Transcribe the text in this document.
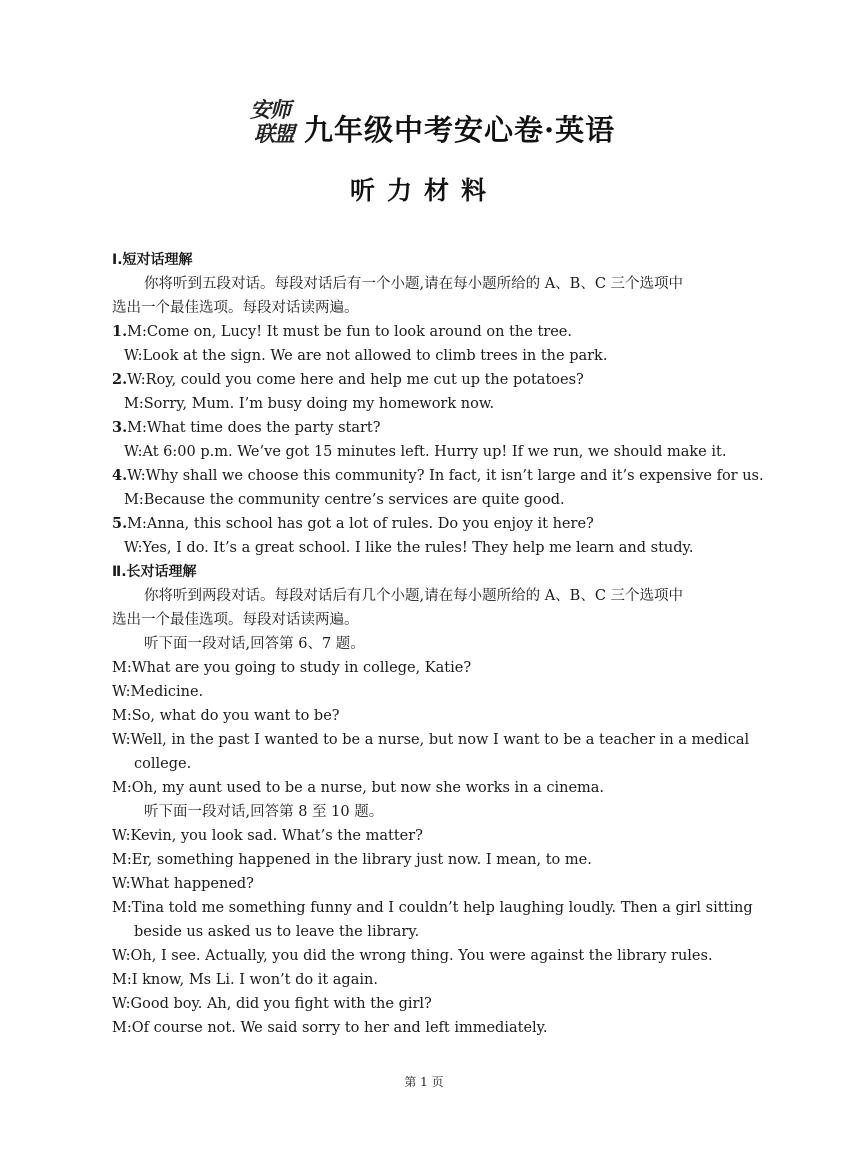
安师
联盟 九年级中考安心卷·英语
听力材料
Ⅰ.短对话理解
你将听到五段对话。每段对话后有一个小题,请在每小题所给的 A、B、C 三个选项中
选出一个最佳选项。每段对话读两遍。
1.M:Come on, Lucy! It must be fun to look around on the tree.
W:Look at the sign. We are not allowed to climb trees in the park.
2.W:Roy, could you come here and help me cut up the potatoes?
M:Sorry, Mum. I’m busy doing my homework now.
3.M:What time does the party start?
W:At 6:00 p.m. We’ve got 15 minutes left. Hurry up! If we run, we should make it.
4.W:Why shall we choose this community? In fact, it isn’t large and it’s expensive for us.
M:Because the community centre’s services are quite good.
5.M:Anna, this school has got a lot of rules. Do you enjoy it here?
W:Yes, I do. It’s a great school. I like the rules! They help me learn and study.
Ⅱ.长对话理解
你将听到两段对话。每段对话后有几个小题,请在每小题所给的 A、B、C 三个选项中
选出一个最佳选项。每段对话读两遍。
听下面一段对话,回答第 6、7 题。
M:What are you going to study in college, Katie?
W:Medicine.
M:So, what do you want to be?
W:Well, in the past I wanted to be a nurse, but now I want to be a teacher in a medical
college.
M:Oh, my aunt used to be a nurse, but now she works in a cinema.
听下面一段对话,回答第 8 至 10 题。
W:Kevin, you look sad. What’s the matter?
M:Er, something happened in the library just now. I mean, to me.
W:What happened?
M:Tina told me something funny and I couldn’t help laughing loudly. Then a girl sitting
beside us asked us to leave the library.
W:Oh, I see. Actually, you did the wrong thing. You were against the library rules.
M:I know, Ms Li. I won’t do it again.
W:Good boy. Ah, did you fight with the girl?
M:Of course not. We said sorry to her and left immediately.
第 1 页
